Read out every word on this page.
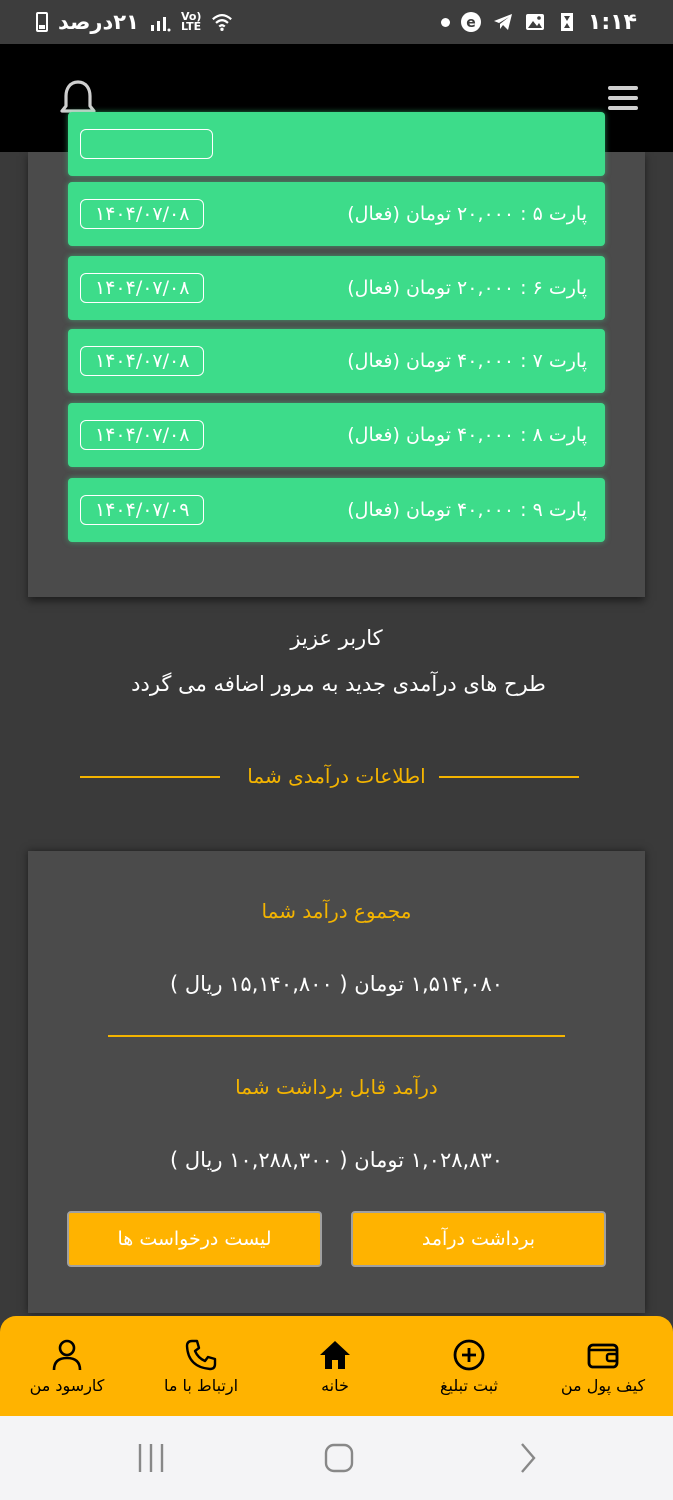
۲۱درصد	Vo)
LTE	e	۱:۱۴
۱۴۰۴/۰۷/۰۸	پارت ۵ : ۲۰,۰۰۰ تومان (فعال)
۱۴۰۴/۰۷/۰۸	پارت ۶ : ۲۰,۰۰۰ تومان (فعال)
۱۴۰۴/۰۷/۰۸	پارت ۷ : ۴۰,۰۰۰ تومان (فعال)
۱۴۰۴/۰۷/۰۸	پارت ۸ : ۴۰,۰۰۰ تومان (فعال)
۱۴۰۴/۰۷/۰۹	پارت ۹ : ۴۰,۰۰۰ تومان (فعال)
کاربر عزیز
طرح های درآمدی جدید به مرور اضافه می گردد
اطلاعات درآمدی شما
مجموع درآمد شما
۱,۵۱۴,۰۸۰ تومان ( ۱۵,۱۴۰,۸۰۰ ریال )
درآمد قابل برداشت شما
۱,۰۲۸,۸۳۰ تومان ( ۱۰,۲۸۸,۳۰۰ ریال )
لیست درخواست ها	برداشت درآمد
کارسود من	ارتباط با ما	خانه	ثبت تبلیغ	کیف پول من
